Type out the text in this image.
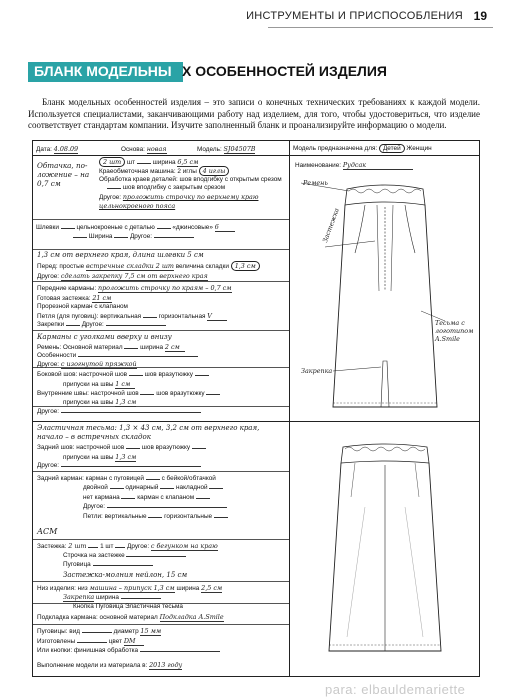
ИНСТРУМЕНТЫ И ПРИСПОСОБЛЕНИЯ 19
БЛАНК МОДЕЛЬНЫ Х ОСОБЕННОСТЕЙ ИЗДЕЛИЯ

Бланк модельных особенностей изделия – это записи о конечных технических требованиях к каждой модели. Используется специалистами, заканчивающими работу над изделием, для того, чтобы удостовериться, что изделие соответствует стандартам компании. Изучите заполненный бланк и проанализируйте информацию о модели.

Дата: 4.08.09	Основа: новая	Модель: SJ04507B	Модель предназначена для: Детей Женщин
Наименование: Рудсак
Обтачка, по-ложение – на 0,7 см
2 шт шт	ширина 6,5 см
Краеобметочная машина: 2 иглы 4 иглы
Обработка краев деталей: шов вподгибку с открытым срезом
шов вподгибку с закрытым срезом
Другое: проложить строчку по верхнему краю цельнокроеного пояса
Шлевки	цельнокроеные с деталью	«джинсовые» 6
Ширина	Другое:
1,3 см от верхнего края, длина шлевки 5 см
Перед: простые встречные складки 2 шт величина складки 1,3 см
Другое: сделать закрепку 7,5 см от верхнего края
Передние карманы: проложить строчку по краям – 0,7 см
Готовая застежка: 21 см
Прорезной карман с клапаном
Петля (для пуговиц): вертикальная	горизонтальная V
Закрепки	Другое:
Карманы с уголками вверху и внизу
Ремень: Основной материал	ширина 2 см
Особенности
Другое: с изогнутой пряжкой
Боковой шов: настрочной шов	шов вразутюжку
припуски на швы 1 см
Внутренние швы: настрочной шов	шов вразутюжку
припуски на швы 1,3 см
Другое:
Эластичная тесьма: 1,3 × 43 см, 3,2 см от верхнего края, начало – в встречных складок
Задний шов: настрочной шов	шов вразутюжку
припуски на швы 1,3 см
Другое:
Задний карман: карман с пуговицей	с бейкой/обтачкой
двойной	одинарный	накладной
нет кармана	карман с клапаном
Другое:
Петли: вертикальные	горизонтальные
АСМ
Застежка: 2 шт 1 шт Другое: с бегунком на краю
Строчка на застежке
Пуговица
Застежка-молния нейлон, 15 см
Низ изделия: низ машина – припуск 1,3 см ширина 2,5 см
Закрепка ширина
Кнопка Пуговица Эластичная тесьма
Подкладка кармана: основной материал Подкладка А.Smile
Пуговицы: вид	диаметр 15 мм
Изготовлены	цвет DM
Или кнопки: финишная обработка
Выполнение модели из материала в: 2013 году
Ремень
Застежка
Тесьма с логотипом A.Smile
Закрепка
para: elbauldemariette
